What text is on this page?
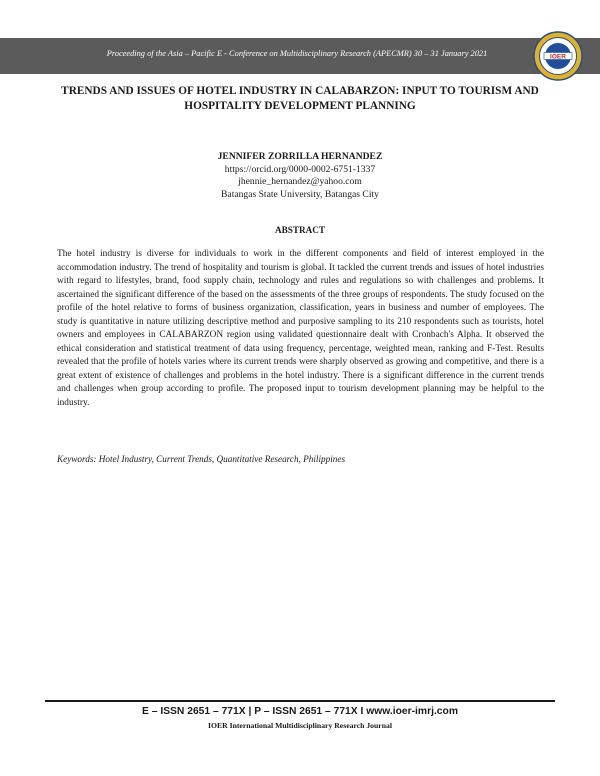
Proceeding of the Asia – Pacific E - Conference on Multidisciplinary Research (APECMR) 30 – 31 January 2021	IOER
TRENDS AND ISSUES OF HOTEL INDUSTRY IN CALABARZON: INPUT TO TOURISM AND HOSPITALITY DEVELOPMENT PLANNING
JENNIFER ZORRILLA HERNANDEZ
https://orcid.org/0000-0002-6751-1337
jhennie_hernandez@yahoo.com
Batangas State University, Batangas City
ABSTRACT

The hotel industry is diverse for individuals to work in the different components and field of interest employed in the accommodation industry. The trend of hospitality and tourism is global. It tackled the current trends and issues of hotel industries with regard to lifestyles, brand, food supply chain, technology and rules and regulations so with challenges and problems. It ascertained the significant difference of the based on the assessments of the three groups of respondents. The study focused on the profile of the hotel relative to forms of business organization, classification, years in business and number of employees. The study is quantitative in nature utilizing descriptive method and purposive sampling to its 210 respondents such as tourists, hotel owners and employees in CALABARZON region using validated questionnaire dealt with Cronbach's Alpha. It observed the ethical consideration and statistical treatment of data using frequency, percentage, weighted mean, ranking and F-Test. Results revealed that the profile of hotels varies where its current trends were sharply observed as growing and competitive, and there is a great extent of existence of challenges and problems in the hotel industry. There is a significant difference in the current trends and challenges when group according to profile. The proposed input to tourism development planning may be helpful to the industry.

Keywords: Hotel Industry, Current Trends, Quantitative Research, Philippines

E – ISSN 2651 – 771X | P – ISSN 2651 – 771X I www.ioer-imrj.com
IOER International Multidisciplinary Research Journal
